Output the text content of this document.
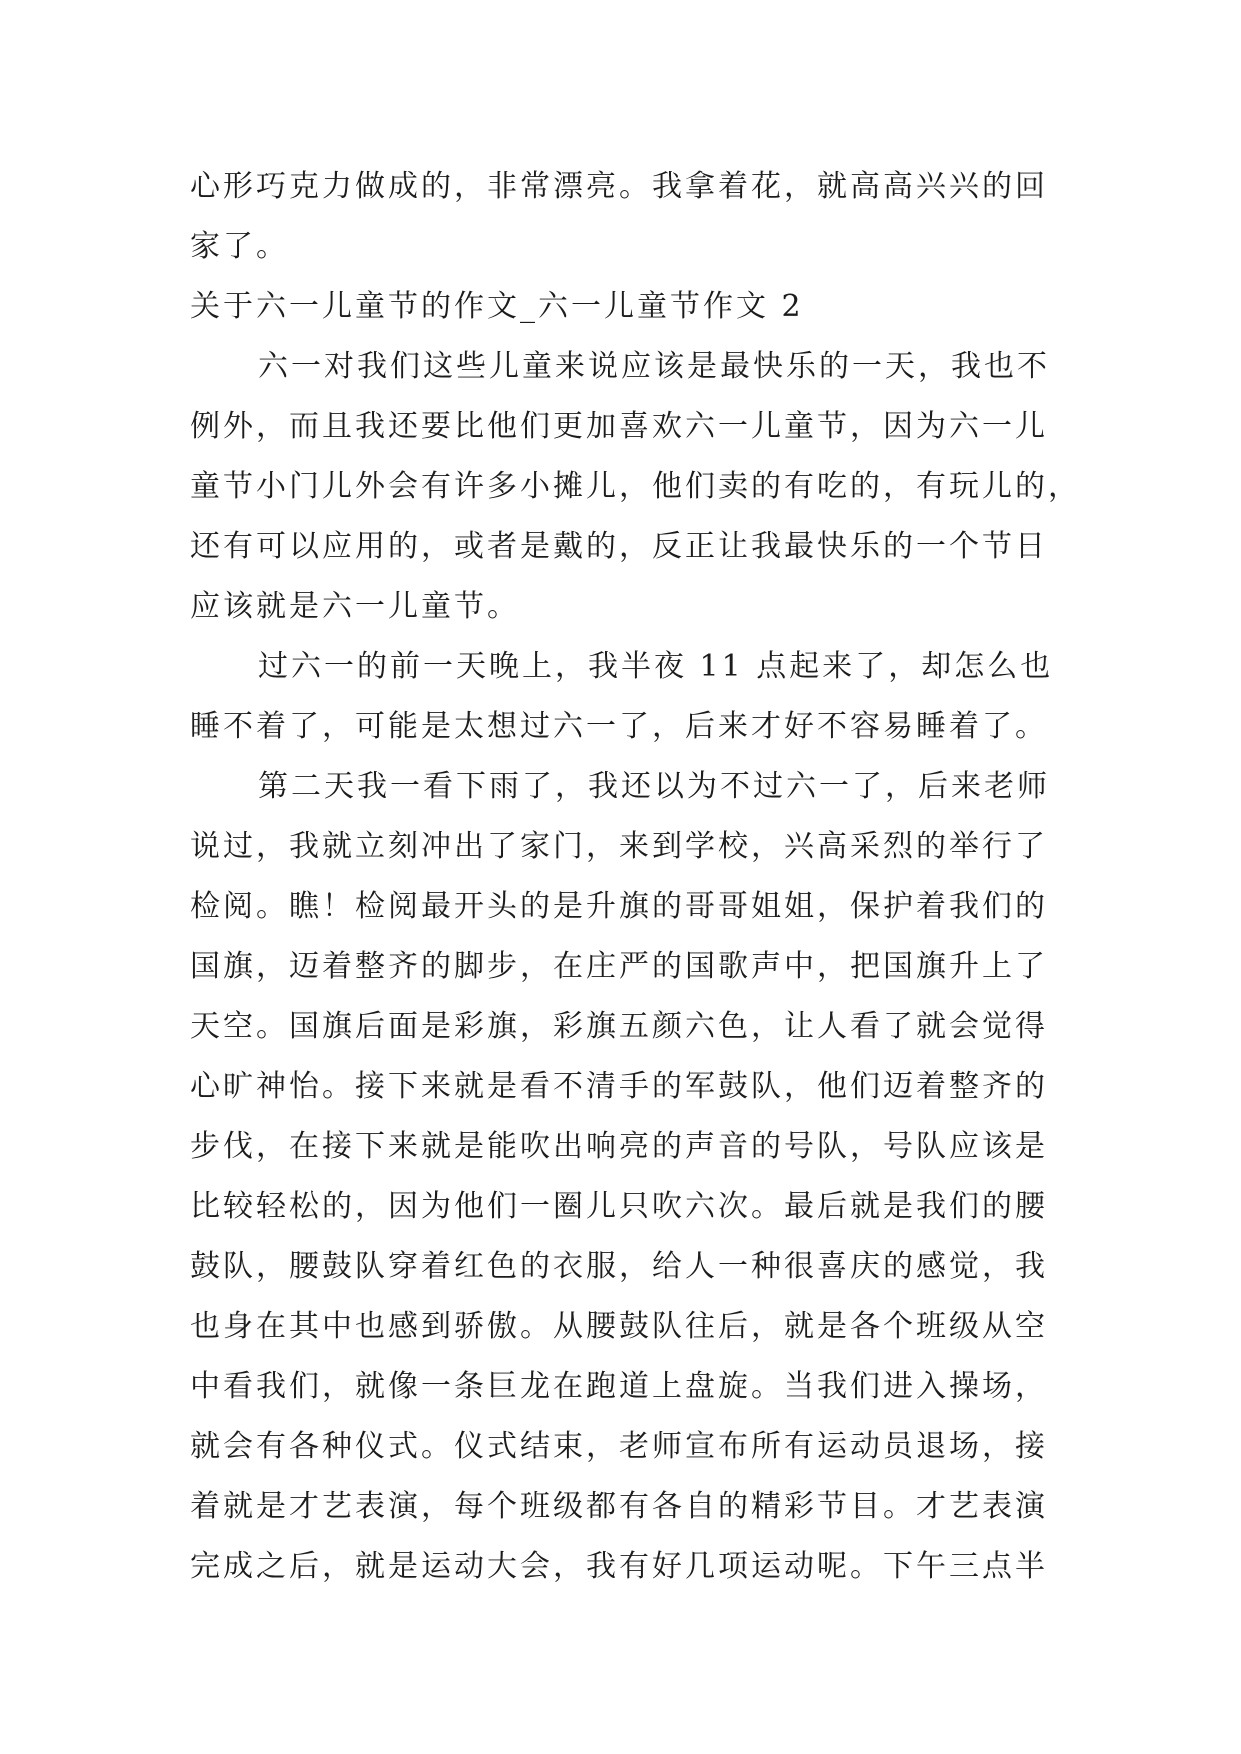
心形巧克力做成的，非常漂亮。我拿着花，就高高兴兴的回
家了。
关于六一儿童节的作文_六一儿童节作文 2
六一对我们这些儿童来说应该是最快乐的一天，我也不
例外，而且我还要比他们更加喜欢六一儿童节，因为六一儿
童节小门儿外会有许多小摊儿，他们卖的有吃的，有玩儿的，
还有可以应用的，或者是戴的，反正让我最快乐的一个节日
应该就是六一儿童节。
过六一的前一天晚上，我半夜 11 点起来了，却怎么也
睡不着了，可能是太想过六一了，后来才好不容易睡着了。
第二天我一看下雨了，我还以为不过六一了，后来老师
说过，我就立刻冲出了家门，来到学校，兴高采烈的举行了
检阅。瞧！检阅最开头的是升旗的哥哥姐姐，保护着我们的
国旗，迈着整齐的脚步，在庄严的国歌声中，把国旗升上了
天空。国旗后面是彩旗，彩旗五颜六色，让人看了就会觉得
心旷神怡。接下来就是看不清手的军鼓队，他们迈着整齐的
步伐，在接下来就是能吹出响亮的声音的号队，号队应该是
比较轻松的，因为他们一圈儿只吹六次。最后就是我们的腰
鼓队，腰鼓队穿着红色的衣服，给人一种很喜庆的感觉，我
也身在其中也感到骄傲。从腰鼓队往后，就是各个班级从空
中看我们，就像一条巨龙在跑道上盘旋。当我们进入操场，
就会有各种仪式。仪式结束，老师宣布所有运动员退场，接
着就是才艺表演，每个班级都有各自的精彩节目。才艺表演
完成之后，就是运动大会，我有好几项运动呢。下午三点半
